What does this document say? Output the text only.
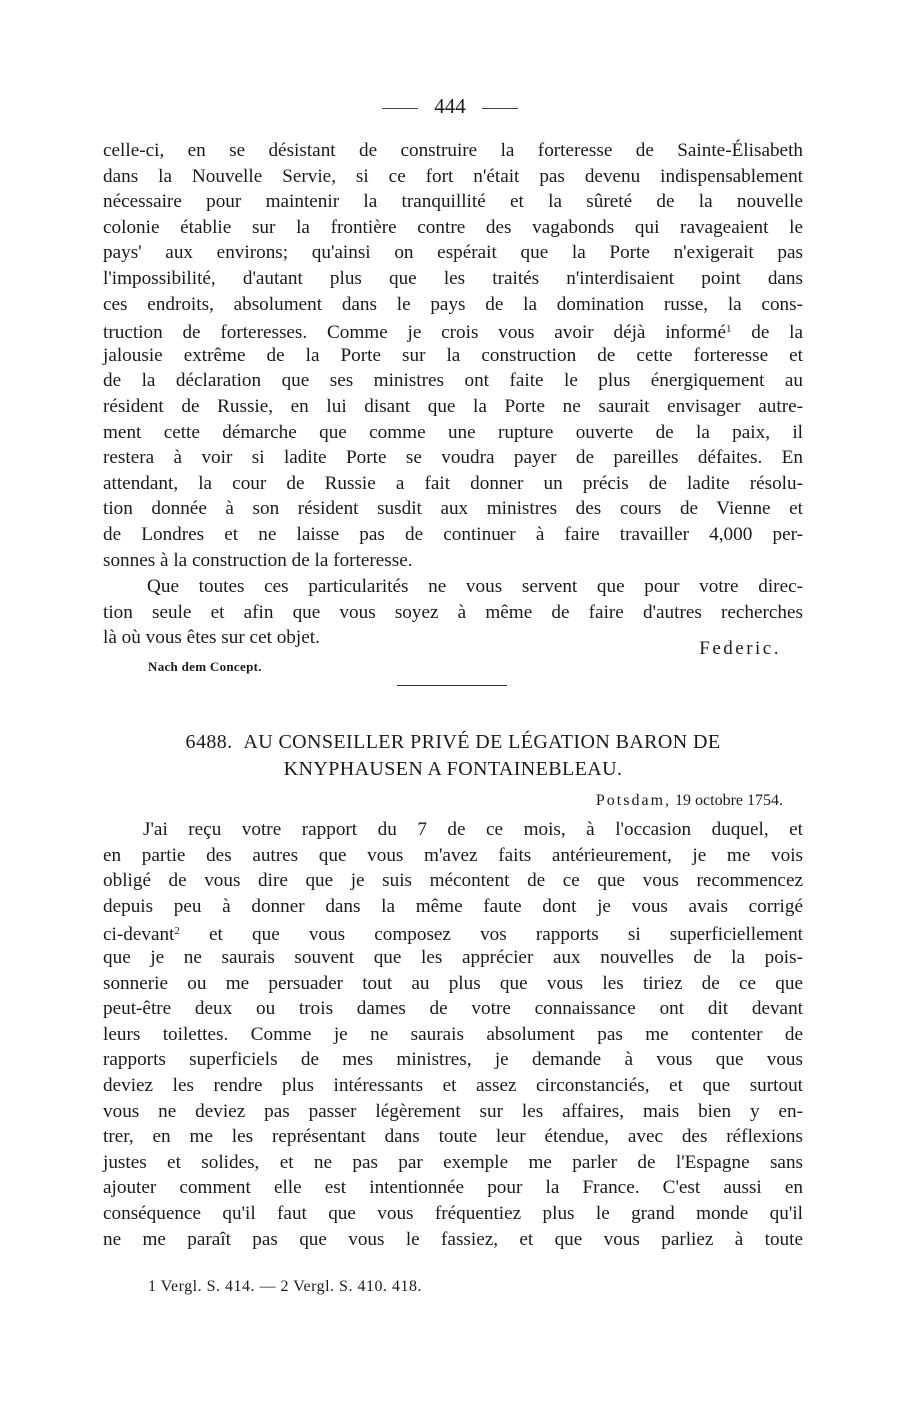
444
celle-ci, en se désistant de construire la forteresse de Sainte-Élisabeth
dans la Nouvelle Servie, si ce fort n'était pas devenu indispensablement
nécessaire pour maintenir la tranquillité et la sûreté de la nouvelle
colonie établie sur la frontière contre des vagabonds qui ravageaient le
pays' aux environs; qu'ainsi on espérait que la Porte n'exigerait pas
l'impossibilité, d'autant plus que les traités n'interdisaient point dans
ces endroits, absolument dans le pays de la domination russe, la cons-
truction de forteresses. Comme je crois vous avoir déjà informé$^1$ de la
jalousie extrême de la Porte sur la construction de cette forteresse et
de la déclaration que ses ministres ont faite le plus énergiquement au
résident de Russie, en lui disant que la Porte ne saurait envisager autre-
ment cette démarche que comme une rupture ouverte de la paix, il
restera à voir si ladite Porte se voudra payer de pareilles défaites. En
attendant, la cour de Russie a fait donner un précis de ladite résolu-
tion donnée à son résident susdit aux ministres des cours de Vienne et
de Londres et ne laisse pas de continuer à faire travailler 4,000 per-
sonnes à la construction de la forteresse.
Que toutes ces particularités ne vous servent que pour votre direc-
tion seule et afin que vous soyez à même de faire d'autres recherches
là où vous êtes sur cet objet.
Federic.
Nach dem Concept.
6488. AU CONSEILLER PRIVÉ DE LÉGATION BARON DE
KNYPHAUSEN A FONTAINEBLEAU.
Potsdam, 19 octobre 1754.
J'ai reçu votre rapport du 7 de ce mois, à l'occasion duquel, et
en partie des autres que vous m'avez faits antérieurement, je me vois
obligé de vous dire que je suis mécontent de ce que vous recommencez
depuis peu à donner dans la même faute dont je vous avais corrigé
ci-devant$^2$ et que vous composez vos rapports si superficiellement
que je ne saurais souvent que les apprécier aux nouvelles de la pois-
sonnerie ou me persuader tout au plus que vous les tiriez de ce que
peut-être deux ou trois dames de votre connaissance ont dit devant
leurs toilettes. Comme je ne saurais absolument pas me contenter de
rapports superficiels de mes ministres, je demande à vous que vous
deviez les rendre plus intéressants et assez circonstanciés, et que surtout
vous ne deviez pas passer légèrement sur les affaires, mais bien y en-
trer, en me les représentant dans toute leur étendue, avec des réflexions
justes et solides, et ne pas par exemple me parler de l'Espagne sans
ajouter comment elle est intentionnée pour la France. C'est aussi en
conséquence qu'il faut que vous fréquentiez plus le grand monde qu'il
ne me paraît pas que vous le fassiez, et que vous parliez à toute
1 Vergl. S. 414. — 2 Vergl. S. 410. 418.
